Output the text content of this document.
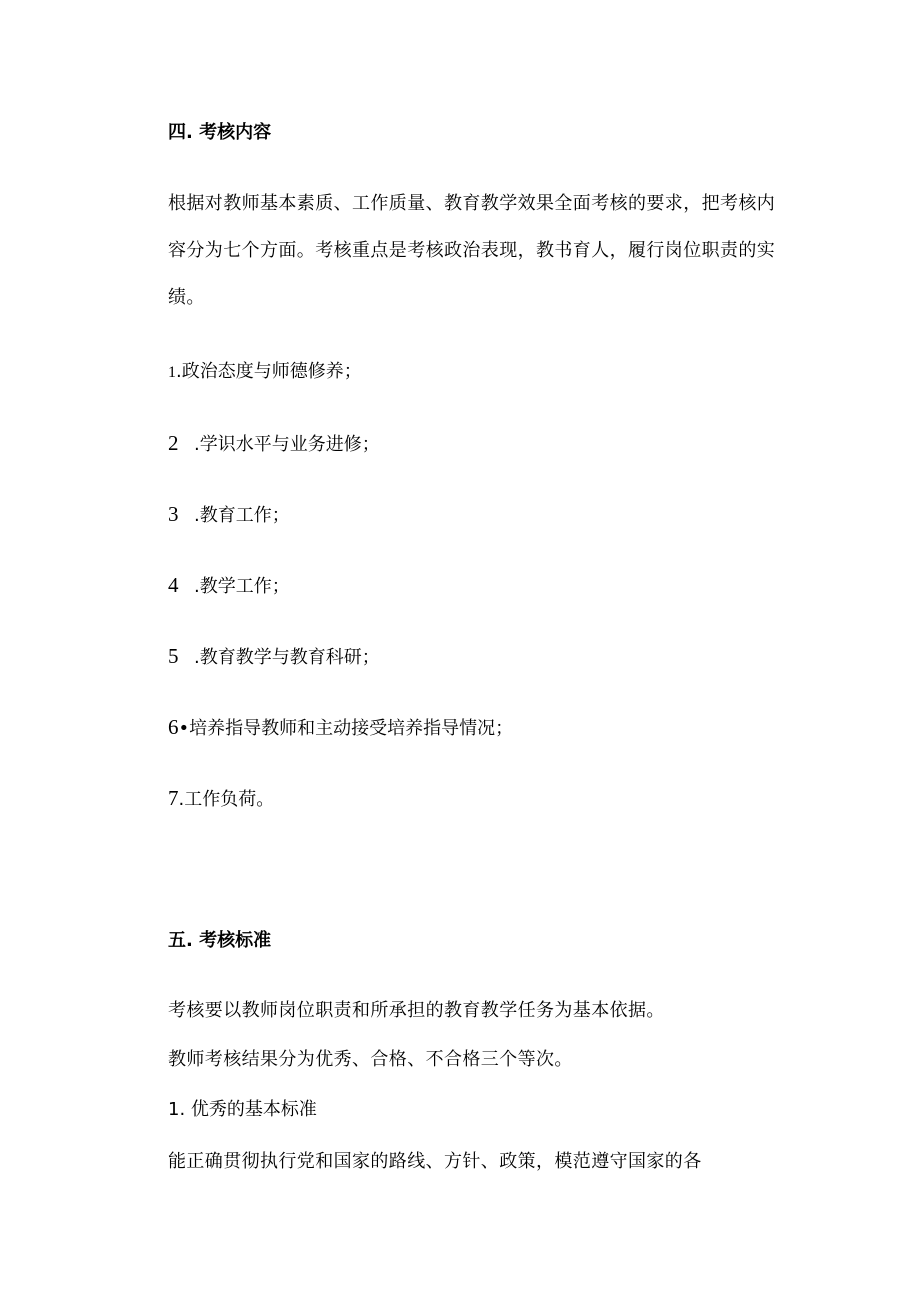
四. 考核内容

根据对教师基本素质、工作质量、教育教学效果全面考核的要求，把考核内

容分为七个方面。考核重点是考核政治表现，教书育人，履行岗位职责的实

绩。

1.政治态度与师德修养；

2.学识水平与业务进修；

3.教育工作；

4.教学工作；

5.教育教学与教育科研；

6•培养指导教师和主动接受培养指导情况；

7.工作负荷。

五. 考核标准

考核要以教师岗位职责和所承担的教育教学任务为基本依据。

教师考核结果分为优秀、合格、不合格三个等次。

1. 优秀的基本标准

能正确贯彻执行党和国家的路线、方针、政策，模范遵守国家的各
